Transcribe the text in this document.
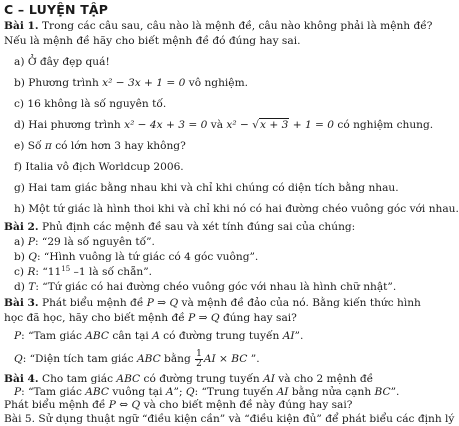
C – LUYỆN TẬP
Bài 1. Trong các câu sau, câu nào là mệnh đề, câu nào không phải là mệnh đề?
Nếu là mệnh đề hãy cho biết mệnh đề đó đúng hay sai.
a) Ở đây đẹp quá!
b) Phương trình x² − 3x + 1 = 0 vô nghiệm.
c) 16 không là số nguyên tố.
d) Hai phương trình x² − 4x + 3 = 0 và x² − √x + 3 + 1 = 0 có nghiệm chung.
e) Số π có lớn hơn 3 hay không?
f) Italia vô địch Worldcup 2006.
g) Hai tam giác bằng nhau khi và chỉ khi chúng có diện tích bằng nhau.
h) Một tứ giác là hình thoi khi và chỉ khi nó có hai đường chéo vuông góc với nhau.
Bài 2. Phủ định các mệnh đề sau và xét tính đúng sai của chúng:
a) P: “29 là số nguyên tố”.
b) Q: “Hình vuông là tứ giác có 4 góc vuông”.
c) R: “$11^{15}$ –1 là số chẵn”.
d) T: “Tứ giác có hai đường chéo vuông góc với nhau là hình chữ nhật”.
Bài 3. Phát biểu mệnh đề P ⇒ Q và mệnh đề đảo của nó. Bằng kiến thức hình
học đã học, hãy cho biết mệnh đề P ⇒ Q đúng hay sai?
P: “Tam giác ABC cân tại A có đường trung tuyến AI”.
Q: “Diện tích tam giác ABC bằng $\frac{1}{2}$ AI × BC ”.
Bài 4. Cho tam giác ABC có đường trung tuyến AI và cho 2 mệnh đề
P: “Tam giác ABC vuông tại A”; Q: “Trung tuyến AI bằng nửa cạnh BC”.
Phát biểu mệnh đề P ⇔ Q và cho biết mệnh đề này đúng hay sai?
Bài 5. Sử dụng thuật ngữ “điều kiện cần” và “điều kiện đủ” để phát biểu các định lý
